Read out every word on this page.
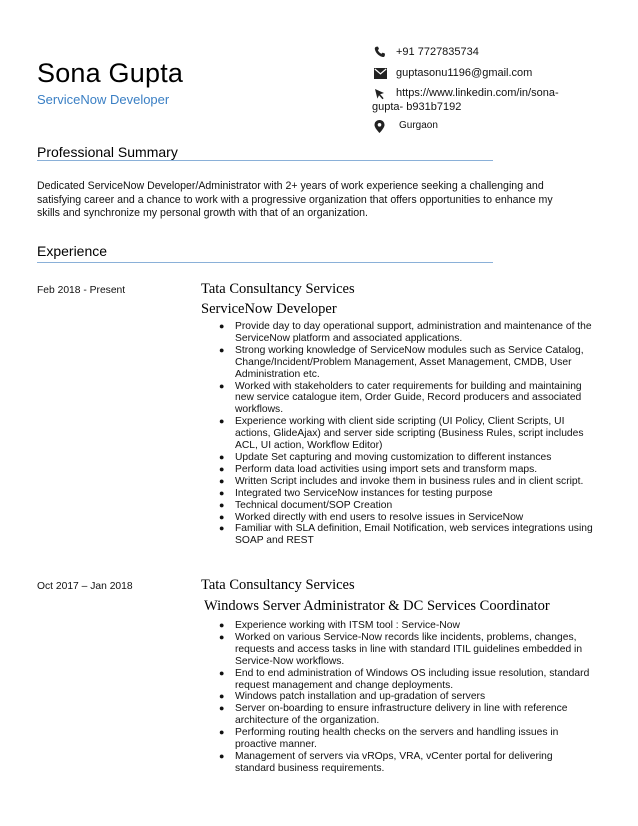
Sona Gupta
ServiceNow Developer
+91 7727835734
guptasonu1196@gmail.com
https://www.linkedin.com/in/sona-
gupta- b931b7192
Gurgaon
Professional Summary
Dedicated ServiceNow Developer/Administrator with 2+ years of work experience seeking a challenging and satisfying career and a chance to work with a progressive organization that offers opportunities to enhance my skills and synchronize my personal growth with that of an organization.
Experience
Feb 2018 - Present	Tata Consultancy Services
ServiceNow Developer
● Provide day to day operational support, administration and maintenance of the
ServiceNow platform and associated applications.
● Strong working knowledge of ServiceNow modules such as Service Catalog,
Change/Incident/Problem Management, Asset Management, CMDB, User
Administration etc.
● Worked with stakeholders to cater requirements for building and maintaining
new service catalogue item, Order Guide, Record producers and associated
workflows.
● Experience working with client side scripting (UI Policy, Client Scripts, UI
actions, GlideAjax) and server side scripting (Business Rules, script includes
ACL, UI action, Workflow Editor)
● Update Set capturing and moving customization to different instances
● Perform data load activities using import sets and transform maps.
● Written Script includes and invoke them in business rules and in client script.
● Integrated two ServiceNow instances for testing purpose
● Technical document/SOP Creation
● Worked directly with end users to resolve issues in ServiceNow
● Familiar with SLA definition, Email Notification, web services integrations using
SOAP and REST
Oct 2017 – Jan 2018	Tata Consultancy Services
Windows Server Administrator & DC Services Coordinator
● Experience working with ITSM tool : Service-Now
● Worked on various Service-Now records like incidents, problems, changes,
requests and access tasks in line with standard ITIL guidelines embedded in
Service-Now workflows.
● End to end administration of Windows OS including issue resolution, standard
request management and change deployments.
● Windows patch installation and up-gradation of servers
● Server on-boarding to ensure infrastructure delivery in line with reference
architecture of the organization.
● Performing routing health checks on the servers and handling issues in
proactive manner.
● Management of servers via vROps, VRA, vCenter portal for delivering
standard business requirements.
